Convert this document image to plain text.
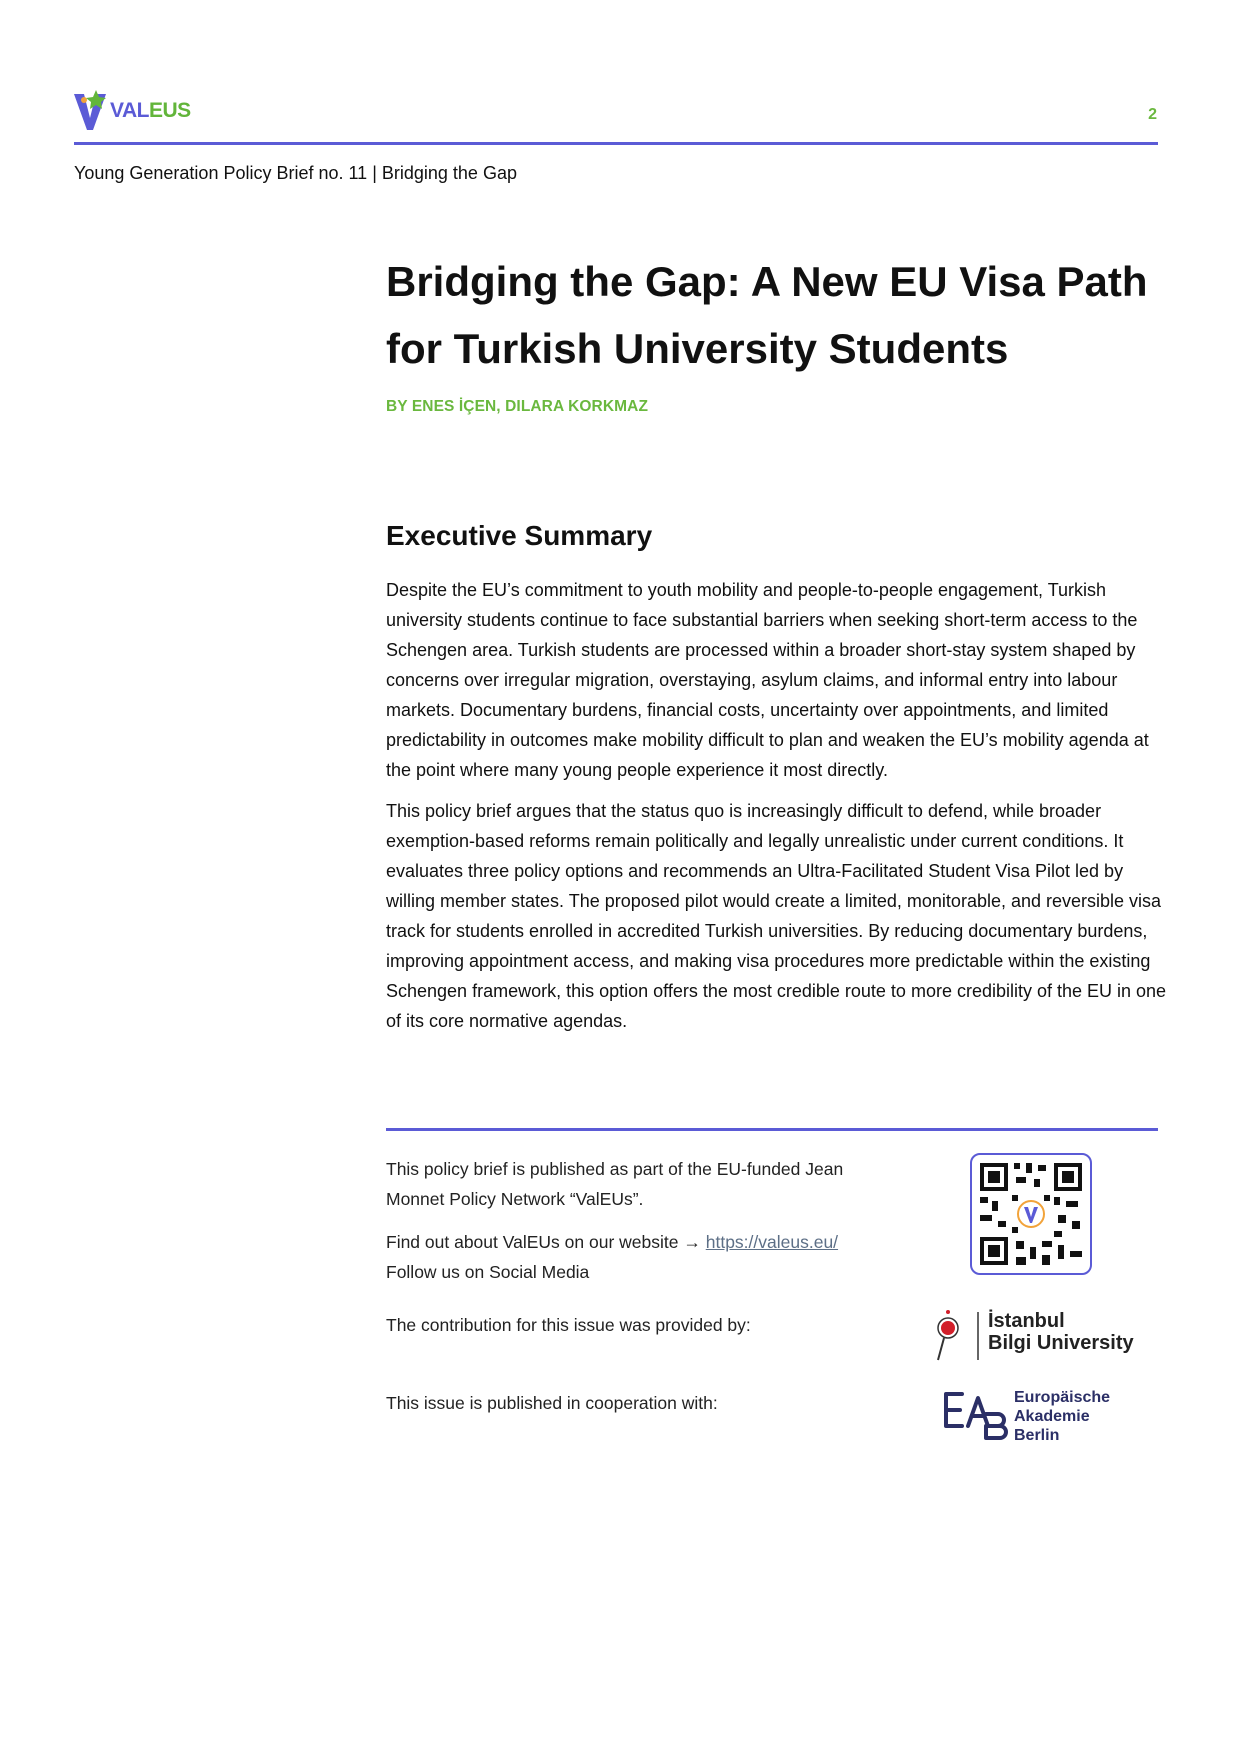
VALEUS	2
Young Generation Policy Brief no. 11 | Bridging the Gap
Bridging the Gap: A New EU Visa Path for Turkish University Students
BY ENES İÇEN, DILARA KORKMAZ
Executive Summary

Despite the EU’s commitment to youth mobility and people-to-people engagement, Turkish university students continue to face substantial barriers when seeking short-term access to the Schengen area. Turkish students are processed within a broader short-stay system shaped by concerns over irregular migration, overstaying, asylum claims, and informal entry into labour markets. Documentary burdens, financial costs, uncertainty over appointments, and limited predictability in outcomes make mobility difficult to plan and weaken the EU’s mobility agenda at the point where many young people experience it most directly.

This policy brief argues that the status quo is increasingly difficult to defend, while broader exemption-based reforms remain politically and legally unrealistic under current conditions. It evaluates three policy options and recommends an Ultra-Facilitated Student Visa Pilot led by willing member states. The proposed pilot would create a limited, monitorable, and reversible visa track for students enrolled in accredited Turkish universities. By reducing documentary burdens, improving appointment access, and making visa procedures more predictable within the existing Schengen framework, this option offers the most credible route to more credibility of the EU in one of its core normative agendas.

This policy brief is published as part of the EU-funded Jean Monnet Policy Network “ValEUs”.
Find out about ValEUs on our website → https://valeus.eu/
Follow us on Social Media
The contribution for this issue was provided by:
This issue is published in cooperation with:
İstanbul
Bilgi University
Europäische
Akademie
Berlin
